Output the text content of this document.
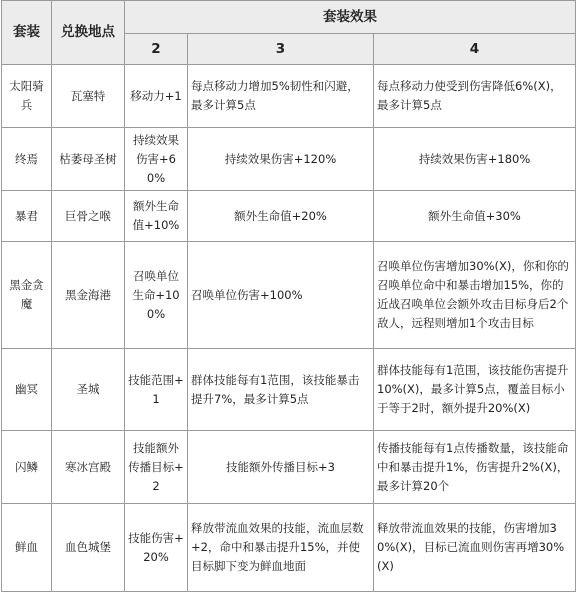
套装	兑换地点	套装效果		
		2	3	4
太阳骑兵	瓦塞特	移动力+1	每点移动力增加5%韧性和闪避，最多计算5点	每点移动力使受到伤害降低6%(X)，最多计算5点
终焉	枯萎母圣树	持续效果伤害+60%	持续效果伤害+120%	持续效果伤害+180%
暴君	巨骨之喉	额外生命值+10%	额外生命值+20%	额外生命值+30%
黑金贪魔	黑金海港	召唤单位生命+100%	召唤单位伤害+100%	召唤单位伤害增加30%(X)，你和你的召唤单位命中和暴击增加15%，你的近战召唤单位会额外攻击目标身后2个敌人，远程则增加1个攻击目标
幽冥	圣城	技能范围+1	群体技能每有1范围，该技能暴击提升7%，最多计算5点	群体技能每有1范围，该技能伤害提升10%(X)，最多计算5点，覆盖目标小于等于2时，额外提升20%(X)
闪鳞	寒冰宫殿	技能额外传播目标+2	技能额外传播目标+3	传播技能每有1点传播数量，该技能命中和暴击提升1%，伤害提升2%(X)，最多计算20个
鲜血	血色城堡	技能伤害+20%	释放带流血效果的技能，流血层数+2，命中和暴击提升15%，并使目标脚下变为鲜血地面	释放带流血效果的技能，伤害增加30%(X)，目标已流血则伤害再增30%(X)
